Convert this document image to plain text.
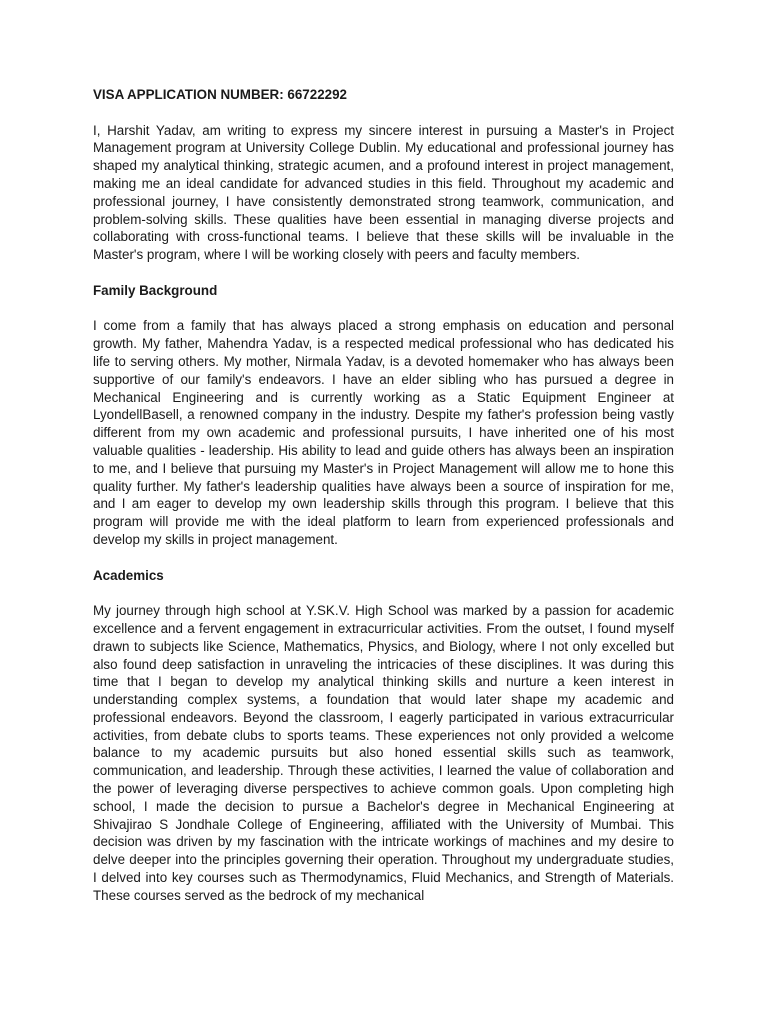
VISA APPLICATION NUMBER: 66722292

I, Harshit Yadav, am writing to express my sincere interest in pursuing a Master's in Project Management program at University College Dublin. My educational and professional journey has shaped my analytical thinking, strategic acumen, and a profound interest in project management, making me an ideal candidate for advanced studies in this field. Throughout my academic and professional journey, I have consistently demonstrated strong teamwork, communication, and problem-solving skills. These qualities have been essential in managing diverse projects and collaborating with cross-functional teams. I believe that these skills will be invaluable in the Master's program, where I will be working closely with peers and faculty members.

Family Background

I come from a family that has always placed a strong emphasis on education and personal growth. My father, Mahendra Yadav, is a respected medical professional who has dedicated his life to serving others. My mother, Nirmala Yadav, is a devoted homemaker who has always been supportive of our family's endeavors. I have an elder sibling who has pursued a degree in Mechanical Engineering and is currently working as a Static Equipment Engineer at LyondellBasell, a renowned company in the industry. Despite my father's profession being vastly different from my own academic and professional pursuits, I have inherited one of his most valuable qualities - leadership. His ability to lead and guide others has always been an inspiration to me, and I believe that pursuing my Master's in Project Management will allow me to hone this quality further. My father's leadership qualities have always been a source of inspiration for me, and I am eager to develop my own leadership skills through this program. I believe that this program will provide me with the ideal platform to learn from experienced professionals and develop my skills in project management.

Academics

My journey through high school at Y.SK.V. High School was marked by a passion for academic excellence and a fervent engagement in extracurricular activities. From the outset, I found myself drawn to subjects like Science, Mathematics, Physics, and Biology, where I not only excelled but also found deep satisfaction in unraveling the intricacies of these disciplines. It was during this time that I began to develop my analytical thinking skills and nurture a keen interest in understanding complex systems, a foundation that would later shape my academic and professional endeavors. Beyond the classroom, I eagerly participated in various extracurricular activities, from debate clubs to sports teams. These experiences not only provided a welcome balance to my academic pursuits but also honed essential skills such as teamwork, communication, and leadership. Through these activities, I learned the value of collaboration and the power of leveraging diverse perspectives to achieve common goals. Upon completing high school, I made the decision to pursue a Bachelor's degree in Mechanical Engineering at Shivajirao S Jondhale College of Engineering, affiliated with the University of Mumbai. This decision was driven by my fascination with the intricate workings of machines and my desire to delve deeper into the principles governing their operation. Throughout my undergraduate studies, I delved into key courses such as Thermodynamics, Fluid Mechanics, and Strength of Materials. These courses served as the bedrock of my mechanical
